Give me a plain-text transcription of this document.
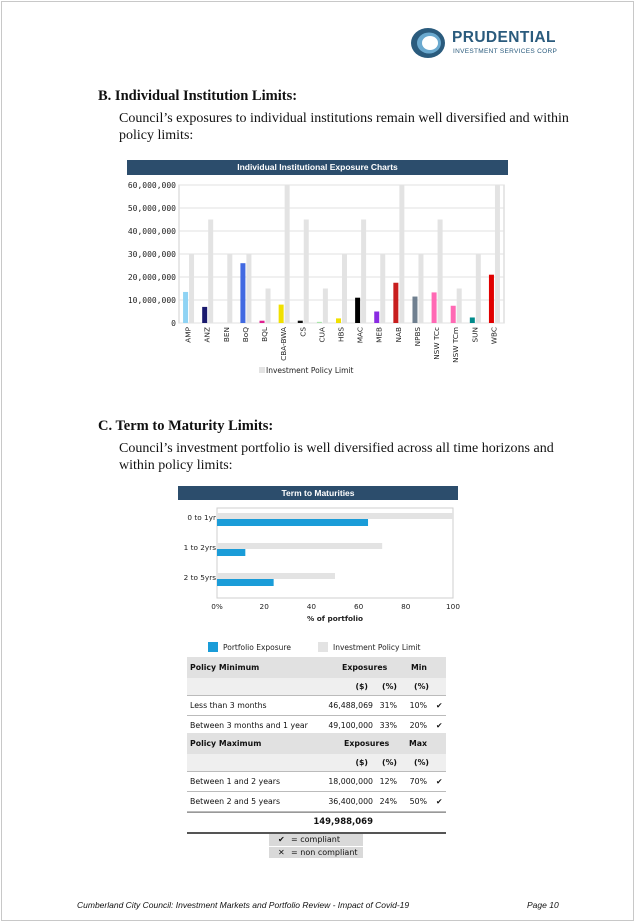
PRUDENTIAL
INVESTMENT SERVICES CORP
B. Individual Institution Limits:
Council’s exposures to individual institutions remain well diversified and within policy limits:
Individual Institutional Exposure Charts
0
10,000,000
20,000,000
30,000,000
40,000,000
50,000,000
60,000,000
AMP ANZ BEN BoQ BQL CBA-BWA CS CUA HBS MAC MEB NAB NPBS NSW TCc NSW TCm SUN WBC
Investment Policy Limit
C. Term to Maturity Limits:
Council’s investment portfolio is well diversified across all time horizons and within policy limits:
Term to Maturities
0 to 1yr
1 to 2yrs
2 to 5yrs
0%	20	40	60	80	100
% of portfolio
Portfolio Exposure	Investment Policy Limit
Policy Minimum	Exposures	Min
($) (%) (%)
Less than 3 months	46,488,069 31% 10% ✔
Between 3 months and 1 year	49,100,000 33% 20% ✔
Policy Maximum	Exposures	Max
($) (%) (%)
Between 1 and 2 years	18,000,000 12% 70% ✔
Between 2 and 5 years	36,400,000 24% 50% ✔
149,988,069
✔ = compliant
✕ = non compliant
Cumberland City Council: Investment Markets and Portfolio Review - Impact of Covid-19	Page 10
